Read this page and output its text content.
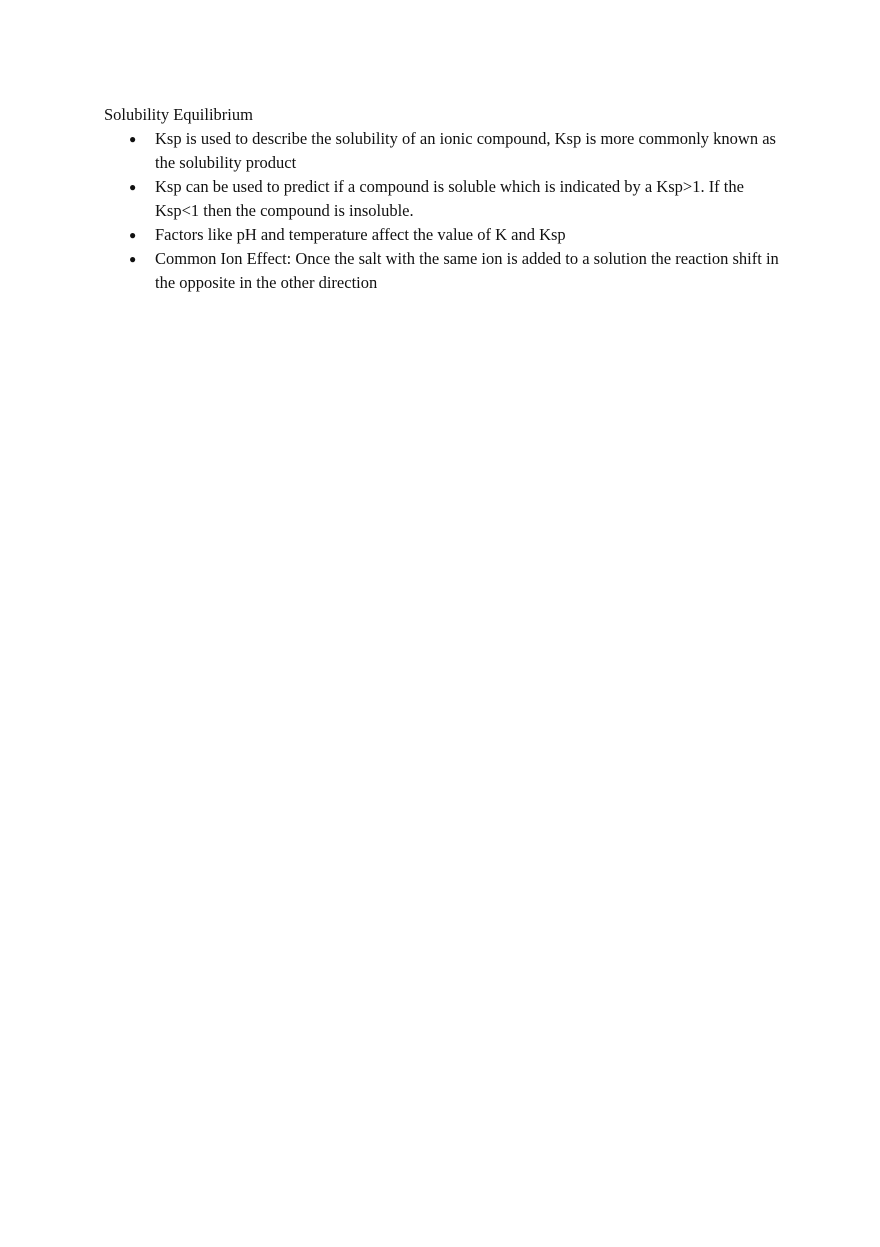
Solubility Equilibrium

● Ksp is used to describe the solubility of an ionic compound, Ksp is more commonly known as the solubility product
● Ksp can be used to predict if a compound is soluble which is indicated by a Ksp>1. If the Ksp<1 then the compound is insoluble.
● Factors like pH and temperature affect the value of K and Ksp
● Common Ion Effect: Once the salt with the same ion is added to a solution the reaction shift in the opposite in the other direction
